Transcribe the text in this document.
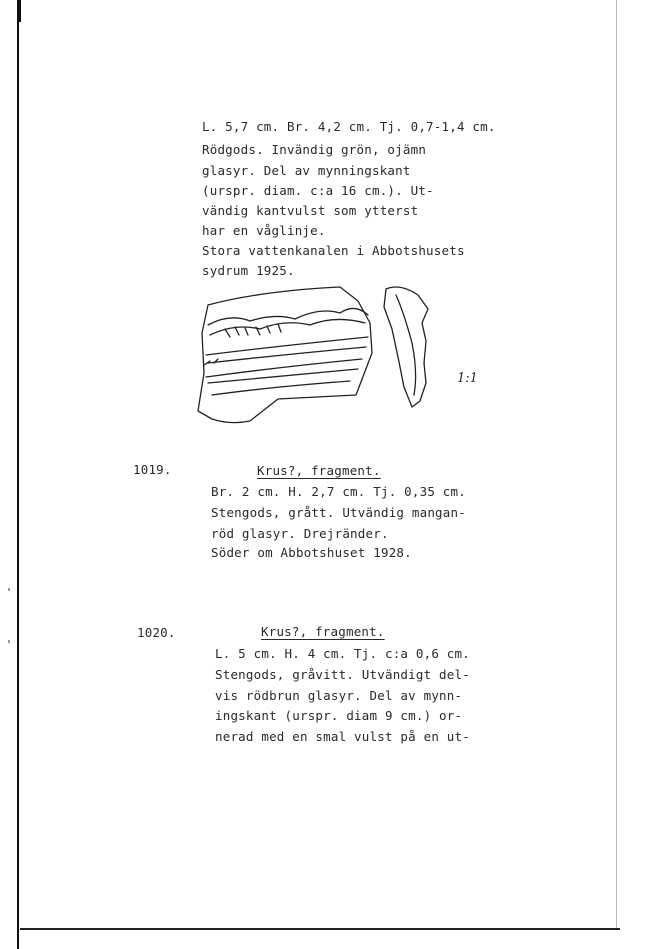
L. 5,7 cm. Br. 4,2 cm. Tj. 0,7-1,4 cm.
Rödgods. Invändig grön, ojämn
glasyr. Del av mynningskant
(urspr. diam. c:a 16 cm.). Ut-
vändig kantvulst som ytterst
har en våglinje.
Stora vattenkanalen i Abbotshusets
sydrum 1925.
1:1
1019.	Krus?, fragment.
Br. 2 cm. H. 2,7 cm. Tj. 0,35 cm.
Stengods, grått. Utvändig mangan-
röd glasyr. Drejränder.
Söder om Abbotshuset 1928.
1020.	Krus?, fragment.
L. 5 cm. H. 4 cm. Tj. c:a 0,6 cm.
Stengods, gråvitt. Utvändigt del-
vis rödbrun glasyr. Del av mynn-
ingskant (urspr. diam 9 cm.) or-
nerad med en smal vulst på en ut-
